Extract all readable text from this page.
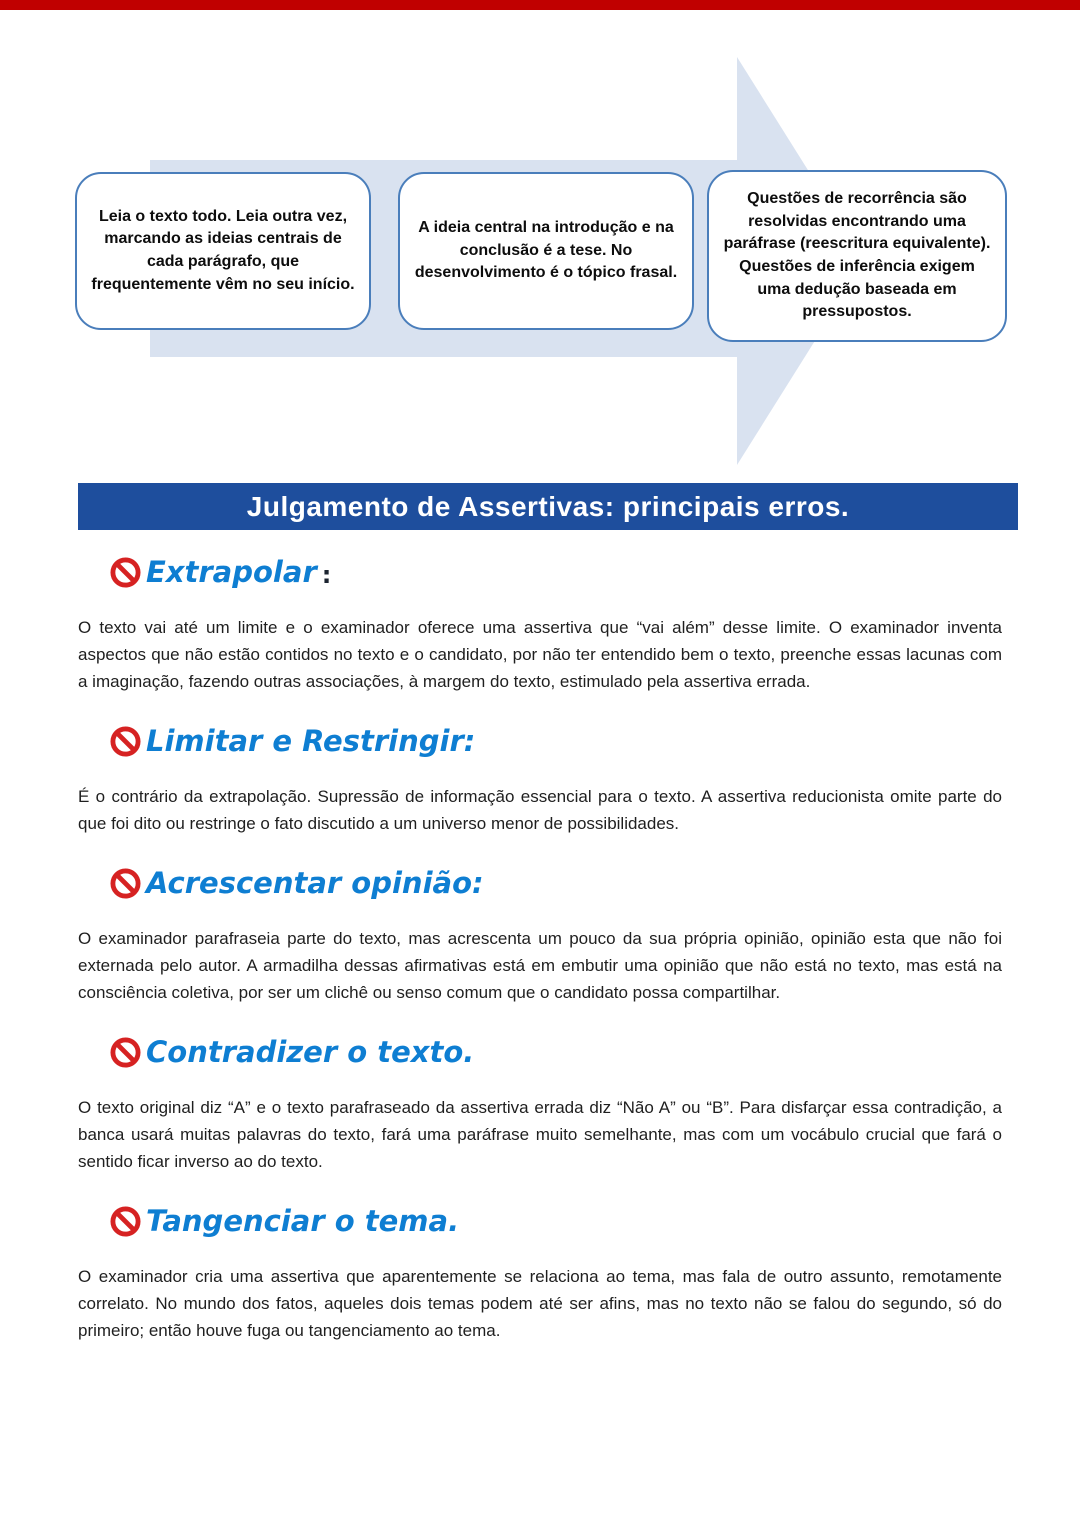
Leia o texto todo. Leia outra vez, marcando as ideias centrais de cada parágrafo, que frequentemente vêm no seu início.
A ideia central na introdução e na conclusão é a tese. No desenvolvimento é o tópico frasal.
Questões de recorrência são resolvidas encontrando uma paráfrase (reescritura equivalente). Questões de inferência exigem uma dedução baseada em pressupostos.
Julgamento de Assertivas: principais erros.
Extrapolar :

O texto vai até um limite e o examinador oferece uma assertiva que “vai além” desse limite. O examinador inventa aspectos que não estão contidos no texto e o candidato, por não ter entendido bem o texto, preenche essas lacunas com a imaginação, fazendo outras associações, à margem do texto, estimulado pela assertiva errada.

Limitar e Restringir:

É o contrário da extrapolação. Supressão de informação essencial para o texto. A assertiva reducionista omite parte do que foi dito ou restringe o fato discutido a um universo menor de possibilidades.

Acrescentar opinião:

O examinador parafraseia parte do texto, mas acrescenta um pouco da sua própria opinião, opinião esta que não foi externada pelo autor. A armadilha dessas afirmativas está em embutir uma opinião que não está no texto, mas está na consciência coletiva, por ser um clichê ou senso comum que o candidato possa compartilhar.

Contradizer o texto.

O texto original diz “A” e o texto parafraseado da assertiva errada diz “Não A” ou “B”. Para disfarçar essa contradição, a banca usará muitas palavras do texto, fará uma paráfrase muito semelhante, mas com um vocábulo crucial que fará o sentido ficar inverso ao do texto.

Tangenciar o tema.

O examinador cria uma assertiva que aparentemente se relaciona ao tema, mas fala de outro assunto, remotamente correlato. No mundo dos fatos, aqueles dois temas podem até ser afins, mas no texto não se falou do segundo, só do primeiro; então houve fuga ou tangenciamento ao tema.
